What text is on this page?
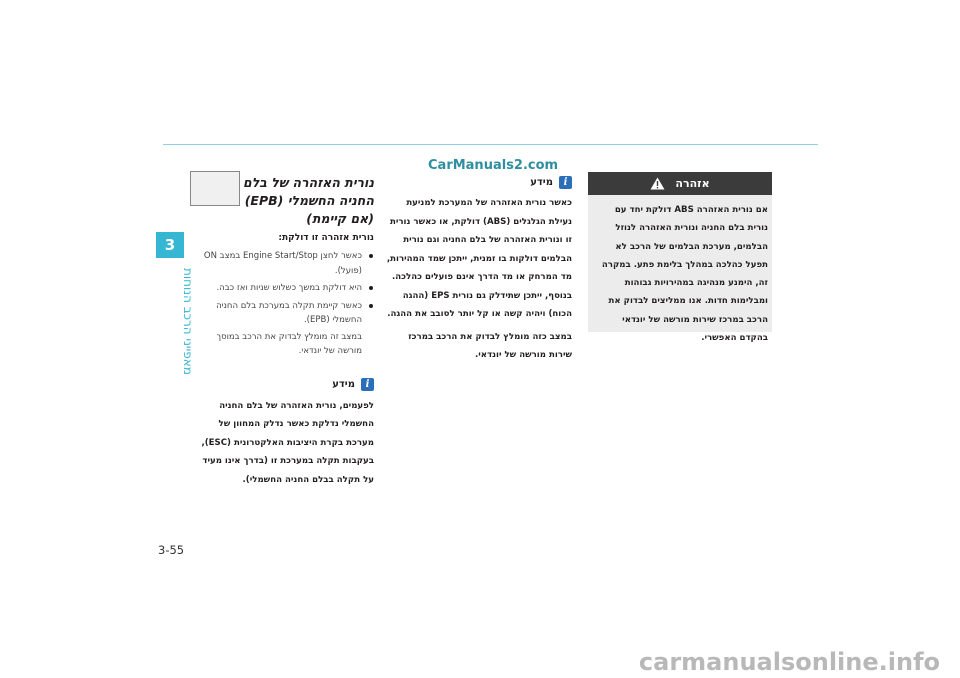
3
מאפייני הרכב הנוחות
CarManuals2.com
carmanualsonline.info
3-55
נורית האזהרה של בלם
החניה החשמלי (EPB)
(אם קיימת)
נורית אזהרה זו דולקת:
כאשר לחצן Engine Start/Stop במצב ON (פועל).
היא דולקת במשך כשלוש שניות ואז כבה.
כאשר קיימת תקלה במערכת בלם החניה החשמלי (EPB).
במצב זה מומלץ לבדוק את הרכב במוסך מורשה של יונדאי.
i
מידע
לפעמים, נורית האזהרה של בלם החניה החשמלי נדלקת כאשר נדלק המחוון של מערכת בקרת היציבות האלקטרונית (ESC), בעקבות תקלה במערכת זו (בדרך אינו מעיד על תקלה בבלם החניה החשמלי).
i
מידע

כאשר נורית האזהרה של המערכת למניעת נעילת הגלגלים (ABS) דולקת, או כאשר נורית זו ונורית האזהרה של בלם החניה וגם נורית הבלמים דולקות בו זמנית, ייתכן שמד המהירות, מד המרחק או מד הדרך אינם פועלים כהלכה. בנוסף, ייתכן שתידלק גם נורית EPS (ההגה הכוח) ויהיה קשה או קל יותר לסובב את ההגה.

במצב כזה מומלץ לבדוק את הרכב במרכז שירות מורשה של יונדאי.

אזהרה
אם נורית האזהרה ABS דולקת יחד עם נורית בלם החניה ונורית האזהרה לנוזל הבלמים, מערכת הבלמים של הרכב לא תפעל כהלכה במהלך בלימת פתע. במקרה זה, הימנע מנהיגה במהירויות גבוהות ומבלימות חדות. אנו ממליצים לבדוק את הרכב במרכז שירות מורשה של יונדאי בהקדם האפשרי.
